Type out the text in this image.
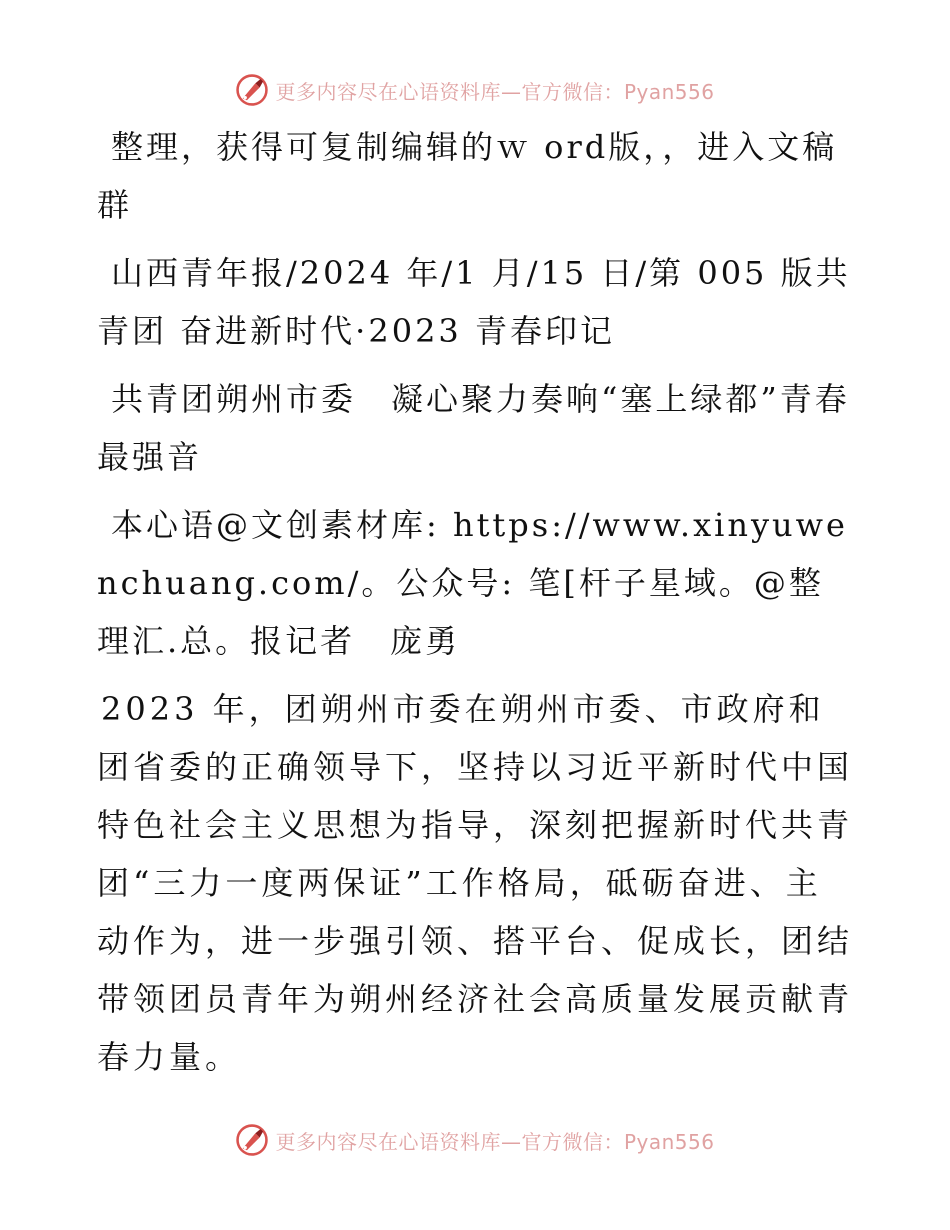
更多内容尽在心语资料库—官方微信：Pyan556

整理，获得可复制编辑的ｗ ord版，，进入文稿群

山西青年报/2024 年/1 月/15 日/第 005 版共青团 奋进新时代·2023 青春印记

共青团朔州市委　凝心聚力奏响“塞上绿都”青春最强音

本心语@文创素材库: https://www.xinyuwenchuang.com/。公众号: 笔[杆子星域。@整理汇.总。报记者　庞勇

2023 年，团朔州市委在朔州市委、市政府和团省委的正确领导下，坚持以习近平新时代中国特色社会主义思想为指导，深刻把握新时代共青团“三力一度两保证”工作格局，砥砺奋进、主动作为，进一步强引领、搭平台、促成长，团结带领团员青年为朔州经济社会高质量发展贡献青春力量。

更多内容尽在心语资料库—官方微信：Pyan556
